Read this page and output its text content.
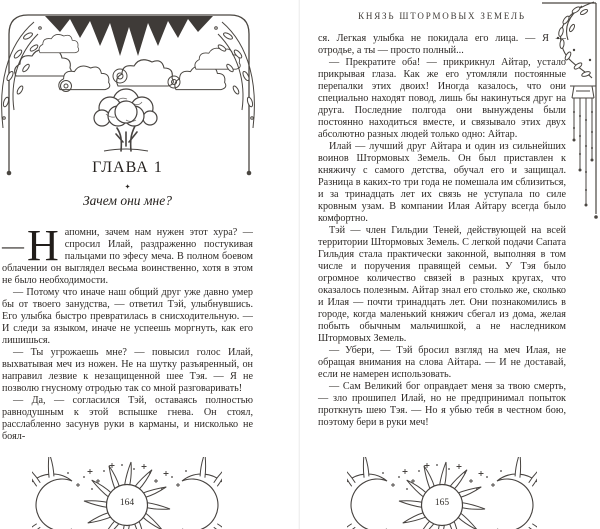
ГЛАВА 1
✦
Зачем они мне?

— Н апомни, зачем нам нужен этот хура? — спросил Илай, раздраженно постукивая пальцами по эфесу меча. В полном боевом облачении он выглядел весьма воинственно, хотя в этом не было необходимости.

— Потому что иначе наш общий друг уже давно умер бы от твоего занудства, — ответил Тэй, улыбнувшись. Его улыбка быстро превратилась в снисходительную. — И следи за языком, иначе не успеешь моргнуть, как его лишишься.

— Ты угрожаешь мне? — повысил голос Илай, выхватывая меч из ножен. Не на шутку разъяренный, он направил лезвие к незащищенной шее Тэя. — Я не позволю гнусному отродью так со мной разговаривать!

— Да, — согласился Тэй, оставаясь полностью равнодушным к этой вспышке гнева. Он стоял, расслабленно засунув руки в карманы, и нисколько не боял-

164
КНЯЗЬ ШТОРМОВЫХ ЗЕМЕЛЬ

ся. Легкая улыбка не покидала его лица. — Я — отродье, а ты — просто полный...

— Прекратите оба! — прикрикнул Айтар, устало прикрывая глаза. Как же его утомляли постоянные перепалки этих двоих! Иногда казалось, что они специально находят повод, лишь бы накинуться друг на друга. Последние полгода они вынуждены были постоянно находиться вместе, и связывало этих двух абсолютно разных людей только одно: Айтар.

Илай — лучший друг Айтара и один из сильнейших воинов Штормовых Земель. Он был приставлен к княжичу с самого детства, обучал его и защищал. Разница в каких-то три года не помешала им сблизиться, и за тринадцать лет их связь не уступала по силе кровным узам. В компании Илая Айтару всегда было комфортно.

Тэй — член Гильдии Теней, действующей на всей территории Штормовых Земель. С легкой подачи Сапата Гильдия стала практически законной, выполняя в том числе и поручения правящей семьи. У Тэя было огромное количество связей в разных кругах, что оказалось полезным. Айтар знал его столько же, сколько и Илая — почти тринадцать лет. Они познакомились в городе, когда маленький княжич сбегал из дома, желая побыть обычным мальчишкой, а не наследником Штормовых Земель.

— Убери, — Тэй бросил взгляд на меч Илая, не обращая внимания на слова Айтара. — И не доставай, если не намерен использовать.

— Сам Великий бог оправдает меня за твою смерть, — зло прошипел Илай, но не предпринимал попыток проткнуть шею Тэя. — Но я убью тебя в честном бою, поэтому бери в руки меч!

165
